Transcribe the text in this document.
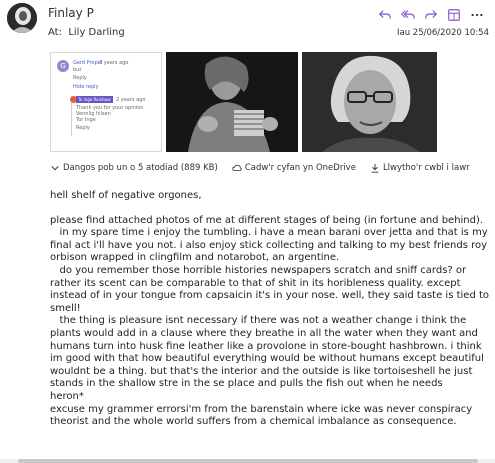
Finlay P
At: Lily Darling	Iau 25/06/2020 10:54
G	Gerd Propel
3 years ago
but
Reply
Hide reply
Ta Inge Rainbow	2 years ago
Thank you for your opinion
Vennlig hilsen
Tor Inge
Reply
Dangos pob un o 5 atodiad (889 KB)	Cadw'r cyfan yn OneDrive	Llwytho'r cwbl i lawr
hell shelf of negative orgones,
please find attached photos of me at different stages of being (in fortune and behind).
in my spare time i enjoy the tumbling. i have a mean barani over jetta and that is my final act i'll have you not. i also enjoy stick collecting and talking to my best friends roy orbison wrapped in clingfilm and notarobot, an argentine.
do you remember those horrible histories newspapers scratch and sniff cards? or rather its scent can be comparable to that of shit in its horibleness quality. except instead of in your tongue from capsaicin it's in your nose. well, they said taste is tied to smell!
the thing is pleasure isnt necessary if there was not a weather change i think the plants would add in a clause where they breathe in all the water when they want and humans turn into husk fine leather like a provolone in store-bought hashbrown. i think im good with that how beautiful everything would be without humans except beautiful wouldnt be a thing. but that's the interior and the outside is like tortoiseshell he just stands in the shallow stre in the se place and pulls the fish out when he needs
heron*
excuse my grammer errorsi'm from the barenstain where icke was never conspiracy theorist and the whole world suffers from a chemical imbalance as consequence.
